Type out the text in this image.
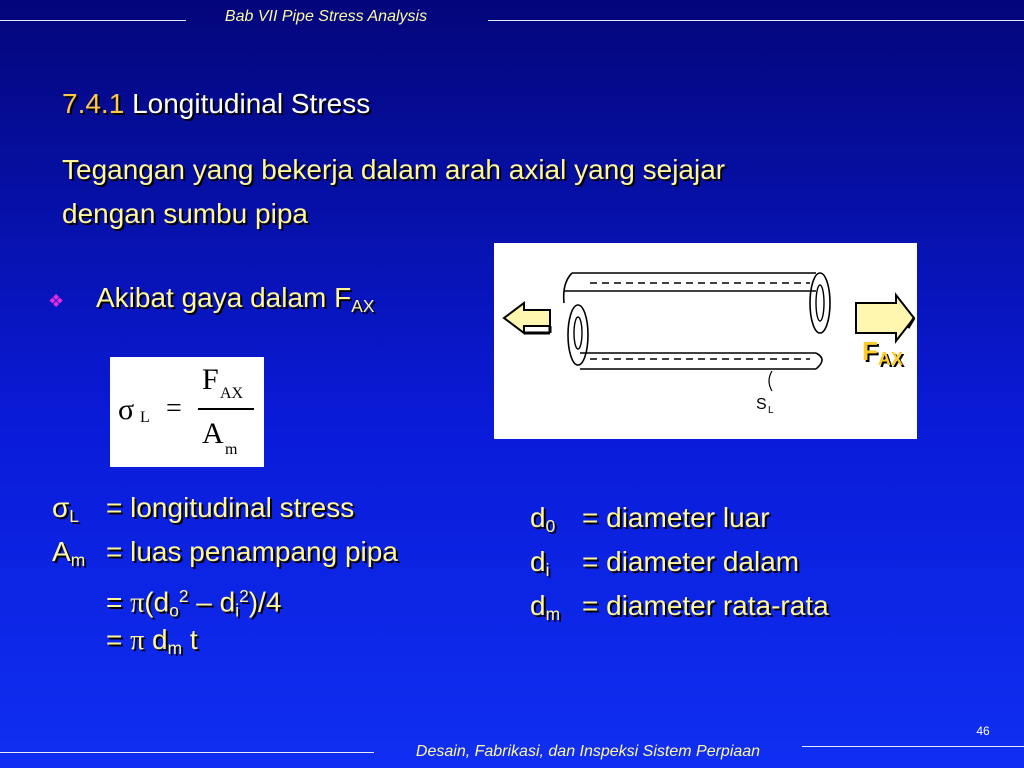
Bab VII Pipe Stress Analysis
7.4.1 Longitudinal Stress
Tegangan yang bekerja dalam arah axial yang sejajar
dengan sumbu pipa
❖ Akibat gaya dalam $F_{AX}$
σ L =
F AX
A m
S L
$F_{AX}$
$\sigma_L$ = longitudinal stress
$A_m$ = luas penampang pipa
= $\pi(d_o^2 - d_i^2)/4$
= π $d_m$ t
$d_0$ = diameter luar
$d_i$ = diameter dalam
$d_m$ = diameter rata-rata
46
Desain, Fabrikasi, dan Inspeksi Sistem Perpiaan
